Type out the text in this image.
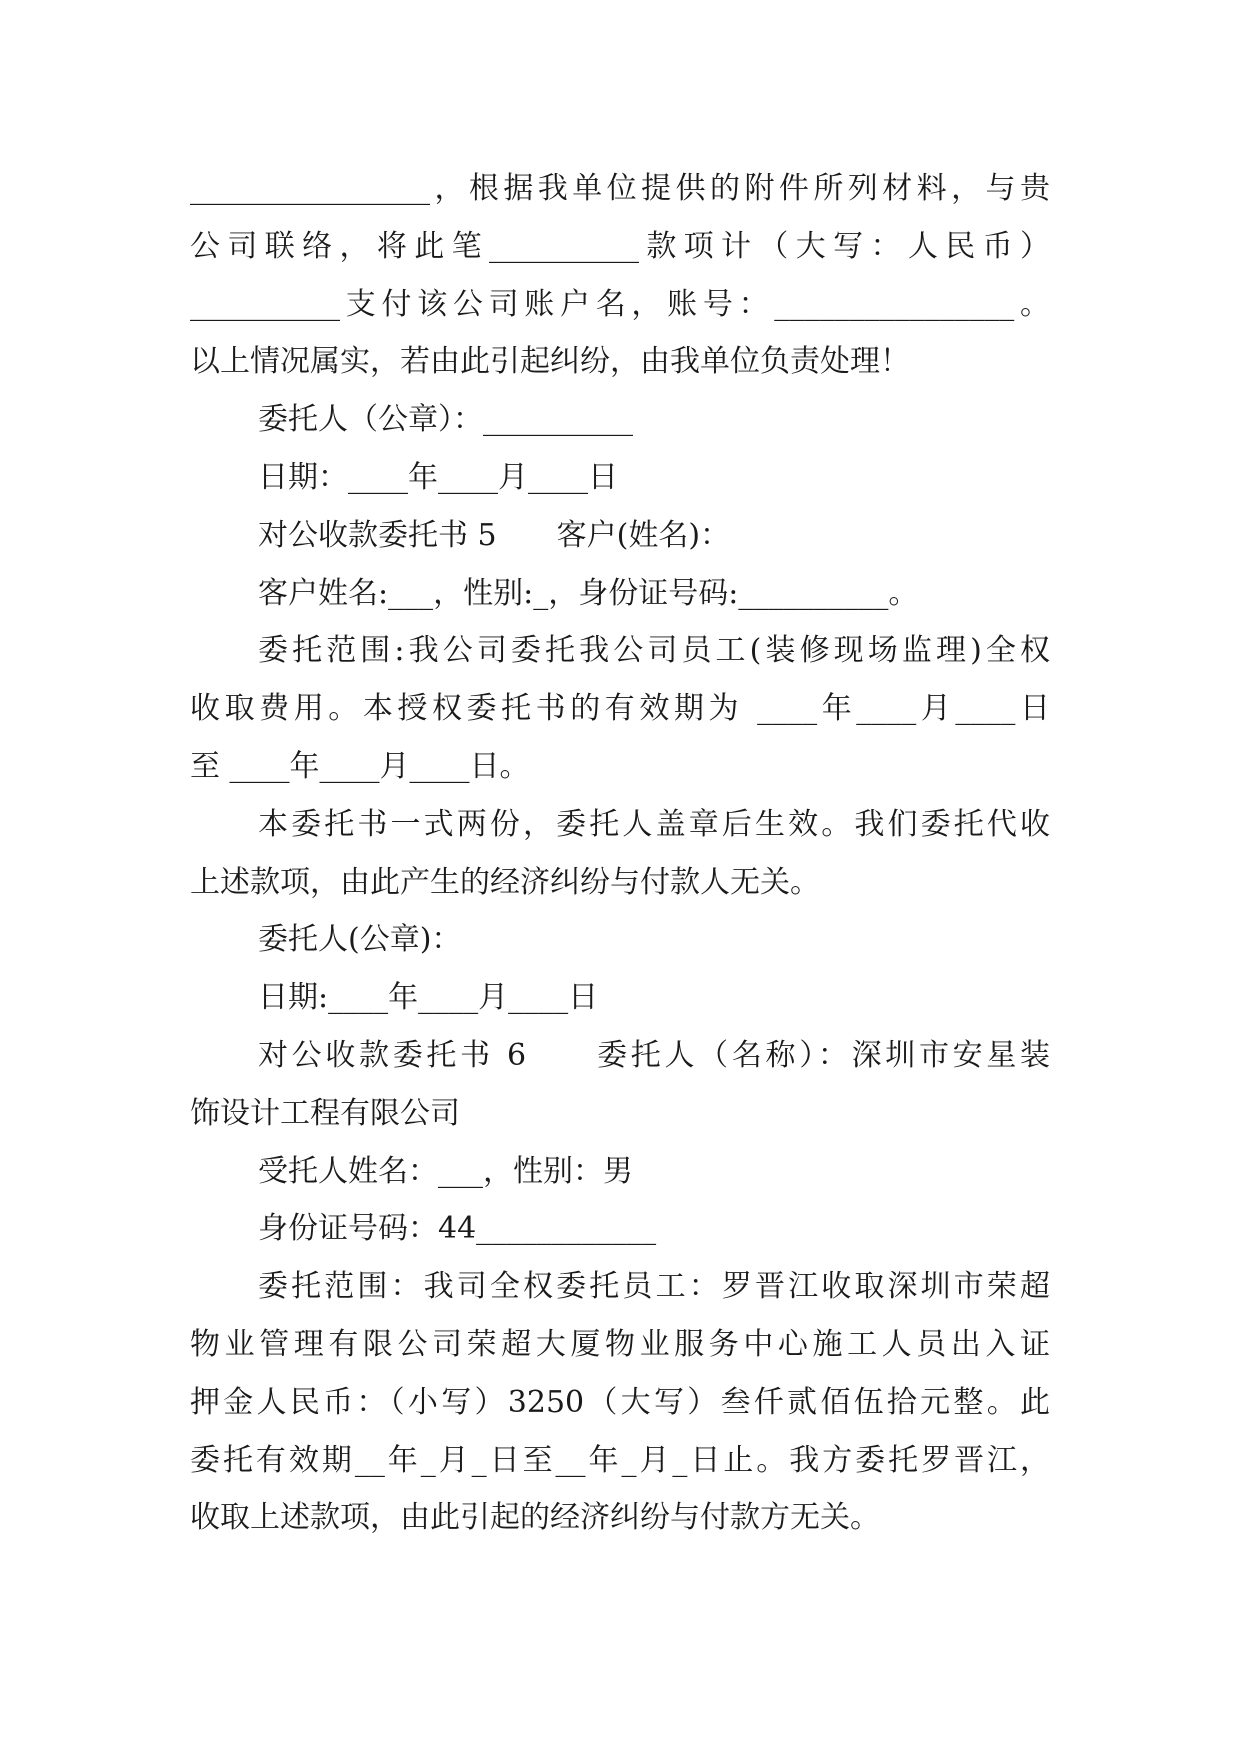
________________，根据我单位提供的附件所列材料，与贵
公司联络，将此笔__________款项计（大写：人民币）
__________支付该公司账户名，账号：________________。
以上情况属实，若由此引起纠纷，由我单位负责处理！
委托人（公章）：__________
日期：____年____月____日
对公收款委托书 5　　客户(姓名)：
客户姓名:___，性别:_，身份证号码:__________。
委托范围:我公司委托我公司员工(装修现场监理)全权
收取费用。本授权委托书的有效期为 ____年____月____日
至 ____年____月____日。
本委托书一式两份，委托人盖章后生效。我们委托代收
上述款项，由此产生的经济纠纷与付款人无关。
委托人(公章)：
日期:____年____月____日
对公收款委托书 6　　委托人（名称）：深圳市安星装
饰设计工程有限公司
受托人姓名：___，性别：男
身份证号码：44____________
委托范围：我司全权委托员工：罗晋江收取深圳市荣超
物业管理有限公司荣超大厦物业服务中心施工人员出入证
押金人民币：（小写）3250（大写）叁仟贰佰伍拾元整。此
委托有效期__年_月_日至__年_月_日止。我方委托罗晋江，
收取上述款项，由此引起的经济纠纷与付款方无关。
